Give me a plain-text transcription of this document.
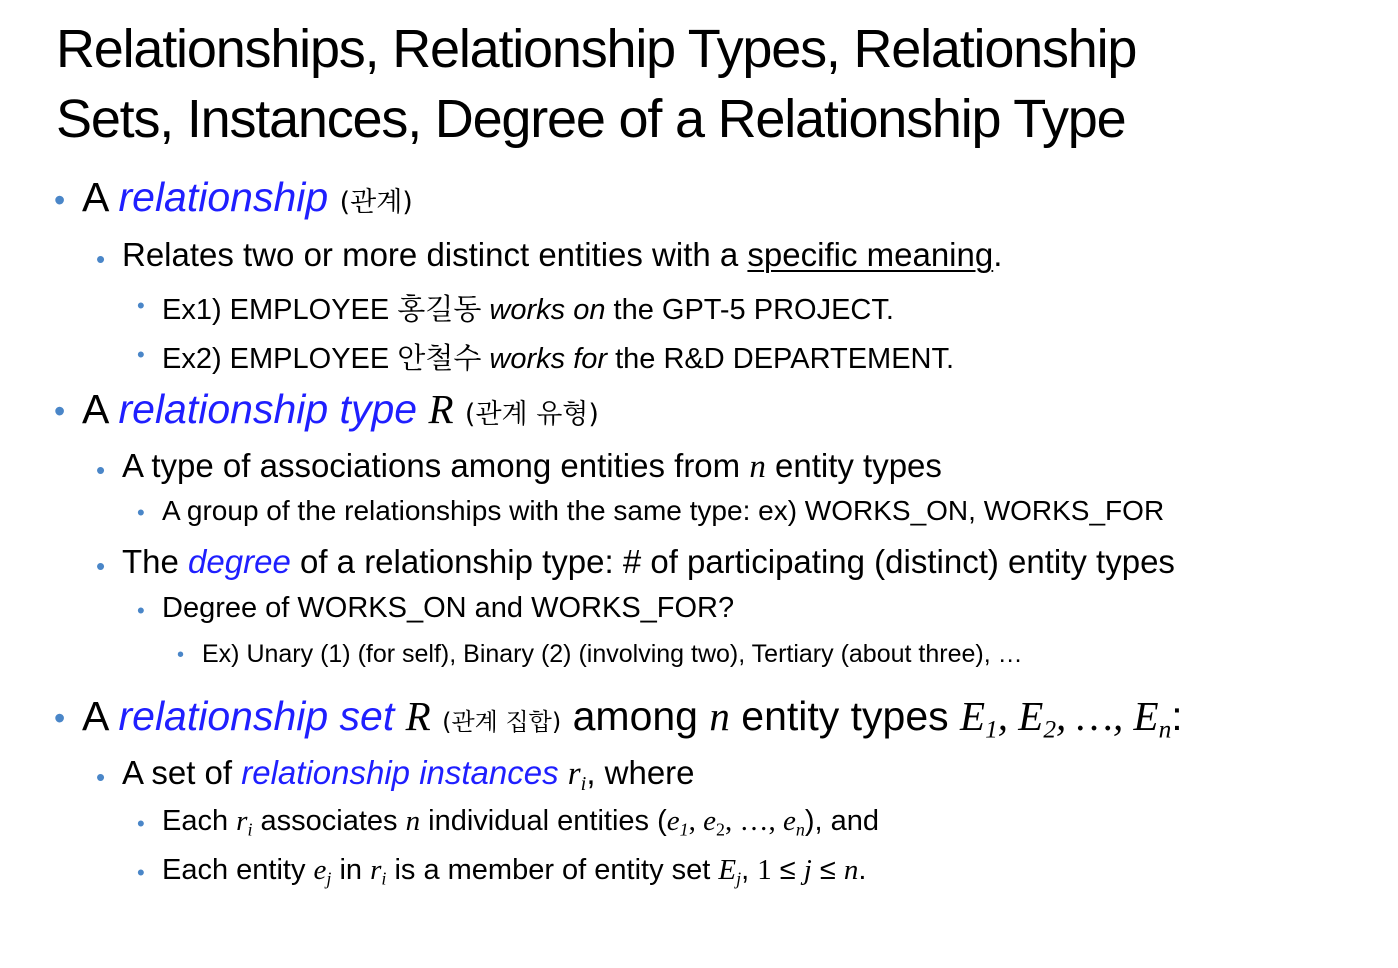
Relationships, Relationship Types, Relationship
Sets, Instances, Degree of a Relationship Type
• A relationship (관계)
• Relates two or more distinct entities with a specific meaning.
• Ex1) EMPLOYEE 홍길동 works on the GPT-5 PROJECT.
• Ex2) EMPLOYEE 안철수 works for the R&D DEPARTEMENT.
• A relationship type R (관계 유형)
• A type of associations among entities from n entity types
• A group of the relationships with the same type: ex) WORKS_ON, WORKS_FOR
• The degree of a relationship type: # of participating (distinct) entity types
• Degree of WORKS_ON and WORKS_FOR?
• Ex) Unary (1) (for self), Binary (2) (involving two), Tertiary (about three), …
• A relationship set R (관계 집합) among n entity types $E_1$, $E_2$, …, $E_n$:
• A set of relationship instances $r_i$, where
• Each $r_i$ associates n individual entities ($e_1$, $e_2$, …, $e_n$), and
• Each entity $e_j$ in $r_i$ is a member of entity set $E_j$, 1 ≤ j ≤ n.
